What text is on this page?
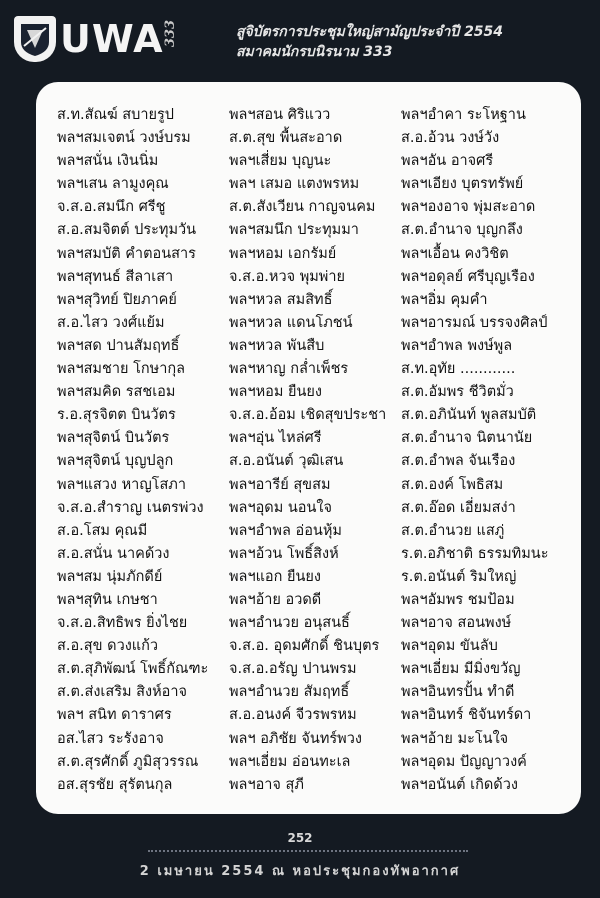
UWA 333	สูจิบัตรการประชุมใหญ่สามัญประจำปี 2554
สมาคมนักรบนิรนาม 333
ส.ท.สัณฆ์ สบายรูป
พลฯสมเจตน์ วงษ์บรม
พลฯสนั่น เงินนิ่ม
พลฯเสน ลามูงคุณ
จ.ส.อ.สมนึก ศรีชู
ส.อ.สมจิตต์ ประทุมวัน
พลฯสมบัติ คำตอนสาร
พลฯสุทนธ์ สีลาเสา
พลฯสุวิทย์ ปิยภาคย์
ส.อ.ไสว วงศ์แย้ม
พลฯสด ปานสัมฤทธิ์
พลฯสมชาย โกษากุล
พลฯสมคิด รสชเอม
ร.อ.สุรจิตต บินวัตร
พลฯสุจิตน์ บินวัตร
พลฯสุจิตน์ บุญปลูก
พลฯแสวง หาญโสภา
จ.ส.อ.สำราญ เนตรพ่วง
ส.อ.โสม คุณมี
ส.อ.สนั่น นาคด้วง
พลฯสม นุ่มภักดีย์
พลฯสุทิน เกษชา
จ.ส.อ.สิทธิพร ยิ่งไชย
ส.อ.สุข ดวงแก้ว
ส.ต.สุภิพัฒน์ โพธิ์กัณฑะ
ส.ต.ส่งเสริม สิงห์อาจ
พลฯ สนิท ดาราศร
อส.ไสว ระรังอาจ
ส.ต.สุรศักดิ์ ภูมิสุวรรณ
อส.สุรชัย สุรัตนกุล
พลฯสอน ศิริแวว
ส.ต.สุข พื้นสะอาด
พลฯเสี่ยม บุญนะ
พลฯ เสมอ แตงพรหม
ส.ต.สังเวียน กาญจนคม
พลฯสมนึก ประทุมมา
พลฯหอม เอกรัมย์
จ.ส.อ.หวจ พุมพ่าย
พลฯหวล สมสิทธิ์
พลฯหวล แดนโภชน์
พลฯหวล พันสืบ
พลฯหาญ กล่ำเพ็ชร
พลฯหอม ยืนยง
จ.ส.อ.อ้อม เชิดสุขประชา
พลฯอุ่น ไหล่ศรี
ส.อ.อนันต์ วุฒิเสน
พลฯอารีย์ สุขสม
พลฯอุดม นอนใจ
พลฯอำพล อ่อนหุ้ม
พลฯอ้วน โพธิ์สิงห์
พลฯแอก ยืนยง
พลฯอ้าย อวดดี
พลฯอำนวย อนุสนธิ์
จ.ส.อ. อุดมศักดิ์ ชินบุตร
จ.ส.อ.อรัญ ปานพรม
พลฯอำนวย สัมฤทธิ์
ส.อ.อนงค์ จีวรพรหม
พลฯ อภิชัย จันทร์พวง
พลฯเอี่ยม อ่อนทะเล
พลฯอาจ สุภี
พลฯอำคา ระโหฐาน
ส.อ.อ้วน วงษ์วัง
พลฯอัน อาจศรี
พลฯเอียง บุตรทรัพย์
พลฯองอาจ พุ่มสะอาด
ส.ต.อำนาจ บุญกลึง
พลฯเอื้อน คงวิชิต
พลฯอดุลย์ ศรีบุญเรือง
พลฯอิ่ม คุมคำ
พลฯอารมณ์ บรรจงศิลป์
พลฯอำพล พงษ์พูล
ส.ท.อุทัย ............
ส.ต.อัมพร ชีวิตมั่ว
ส.ต.อภินันท์ พูลสมบัติ
ส.ต.อำนาจ นิตนานัย
ส.ต.อำพล จันเรือง
ส.ต.องค์ โพธิสม
ส.ต.อ๊อด เอี่ยมสง่า
ส.ต.อำนวย แสภู่
ร.ต.อภิชาติ ธรรมทิมนะ
ร.ต.อนันต์ ริมใหญ่
พลฯอัมพร ชมป้อม
พลฯอาจ สอนพงษ์
พลฯอุดม ขันลับ
พลฯเอี่ยม มีมิ่งขวัญ
พลฯอินทรปั้น ทำดี
พลฯอินทร์ ชิจันทร์ดา
พลฯอ้าย มะโนใจ
พลฯอุดม ปัญญาวงค์
พลฯอนันต์ เกิดด้วง
252
2 เมษายน 2554 ณ หอประชุมกองทัพอากาศ
